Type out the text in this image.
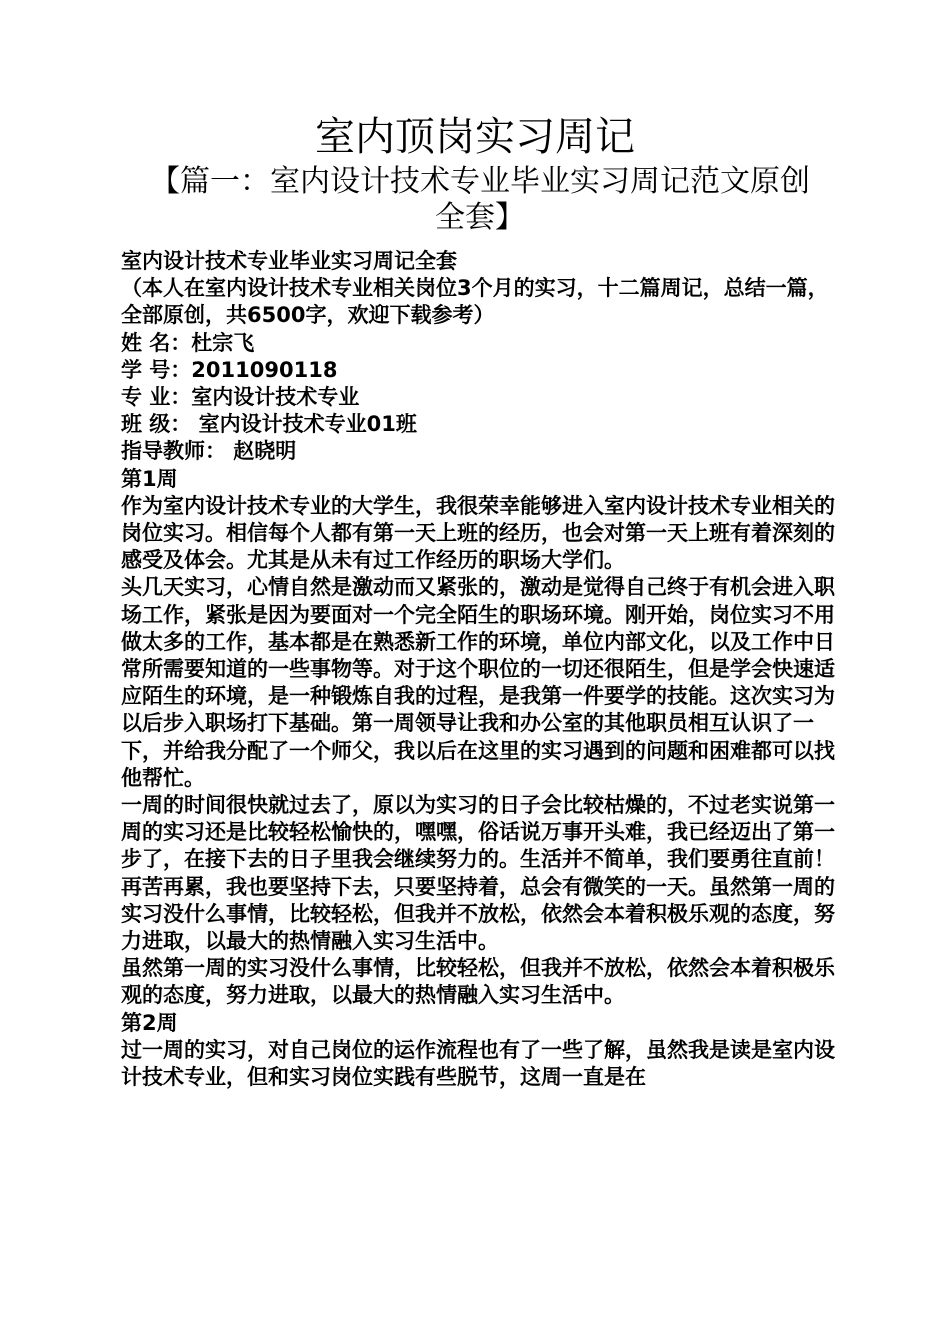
室内顶岗实习周记
【篇一：室内设计技术专业毕业实习周记范文原创全套】

室内设计技术专业毕业实习周记全套

（本人在室内设计技术专业相关岗位3个月的实习，十二篇周记，总结一篇，全部原创，共6500字，欢迎下载参考）

姓 名：杜宗飞

学 号：2011090118

专 业：室内设计技术专业

班 级： 室内设计技术专业01班

指导教师： 赵晓明

第1周

作为室内设计技术专业的大学生，我很荣幸能够进入室内设计技术专业相关的岗位实习。相信每个人都有第一天上班的经历，也会对第一天上班有着深刻的感受及体会。尤其是从未有过工作经历的职场大学们。

头几天实习，心情自然是激动而又紧张的，激动是觉得自己终于有机会进入职场工作，紧张是因为要面对一个完全陌生的职场环境。刚开始，岗位实习不用做太多的工作，基本都是在熟悉新工作的环境，单位内部文化，以及工作中日常所需要知道的一些事物等。对于这个职位的一切还很陌生，但是学会快速适应陌生的环境，是一种锻炼自我的过程，是我第一件要学的技能。这次实习为以后步入职场打下基础。第一周领导让我和办公室的其他职员相互认识了一下，并给我分配了一个师父，我以后在这里的实习遇到的问题和困难都可以找他帮忙。

一周的时间很快就过去了，原以为实习的日子会比较枯燥的，不过老实说第一周的实习还是比较轻松愉快的，嘿嘿，俗话说万事开头难，我已经迈出了第一步了，在接下去的日子里我会继续努力的。生活并不简单，我们要勇往直前！再苦再累，我也要坚持下去，只要坚持着，总会有微笑的一天。虽然第一周的实习没什么事情，比较轻松，但我并不放松，依然会本着积极乐观的态度，努力进取，以最大的热情融入实习生活中。

虽然第一周的实习没什么事情，比较轻松，但我并不放松，依然会本着积极乐观的态度，努力进取，以最大的热情融入实习生活中。

第2周

过一周的实习，对自己岗位的运作流程也有了一些了解，虽然我是读是室内设计技术专业，但和实习岗位实践有些脱节，这周一直是在
